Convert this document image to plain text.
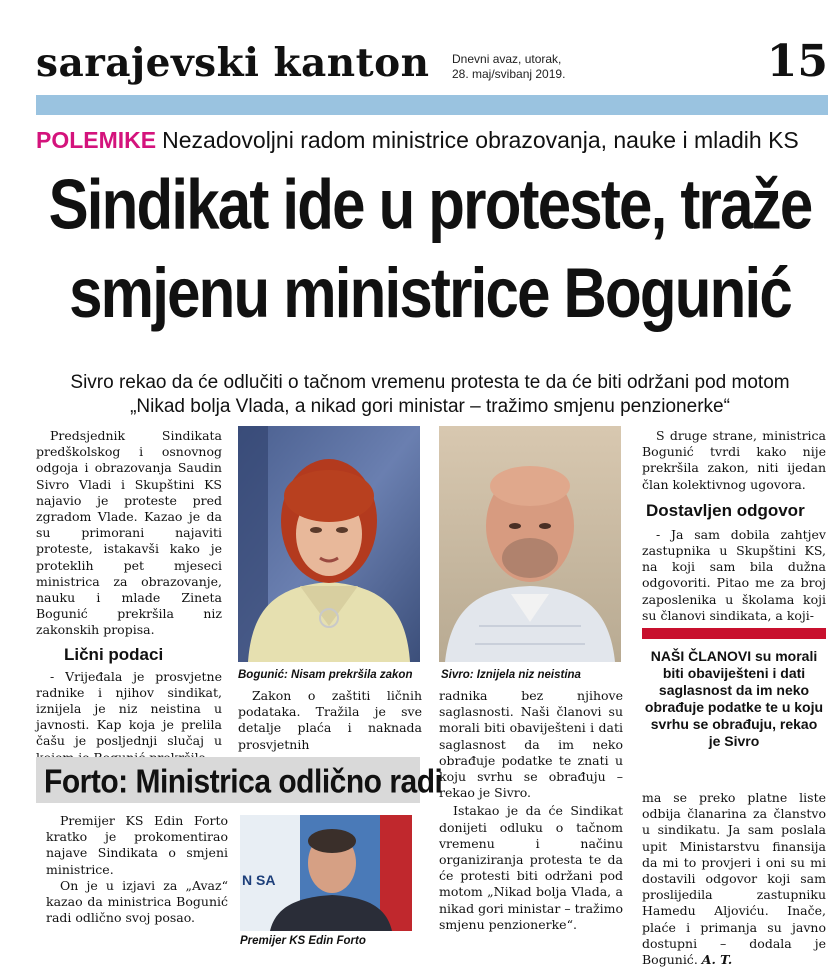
sarajevski kanton Dnevni avaz, utorak,
28. maj/svibanj 2019.	15
POLEMIKE Nezadovoljni radom ministrice obrazovanja, nauke i mladih KS
Sindikat ide u proteste, traže
smjenu ministrice Bogunić
Sivro rekao da će odlučiti o tačnom vremenu protesta te da će biti održani pod motom
„Nikad bolja Vlada, a nikad gori ministar – tražimo smjenu penzionerke“

Predsjednik Sindikata predškolskog i osnovnog odgoja i obrazovanja Saudin Sivro Vladi i Skupštini KS najavio je proteste pred zgradom Vlade. Kazao je da su primorani najaviti proteste, istakavši kako je proteklih pet mjeseci ministrica za obrazovanje, nauku i mlade Zineta Bogunić prekršila niz zakonskih propisa.

Lični podaci

- Vrijeđala je prosvjetne radnike i njihov sindikat, iznijela je niz neistina u javnosti. Kap koja je prelila čašu je posljednji slučaj u

Bogunić: Nisam prekršila zakon

Zakon o zaštiti ličnih podataka. Tražila je sve detalje plaća i naknada prosvjetnih

Sivro: Iznijela niz neistina

radnika bez njihove saglasnosti. Naši članovi su morali biti obaviješteni i dati saglasnost da im neko obrađuje podatke te znati u koju svrhu se obrađuju – rekao je Sivro.

Istakao je da će Sindikat donijeti odluku o tačnom vremenu i načinu organiziranja protesta te da će protesti biti održani pod motom „Nikad bolja Vlada, a nikad gori ministar – tražimo smjenu penzionerke“.

S druge strane, ministrica Bogunić tvrdi kako nije prekršila zakon, niti ijedan član kolektivnog ugovora.

Dostavljen odgovor

- Ja sam dobila zahtjev zastupnika u Skupštini KS, na koji sam bila dužna odgovoriti. Pitao me za broj zaposlenika u školama koji su članovi sindikata, a koji-

NAŠI ČLANOVI su morali biti obaviješteni i dati saglasnost da im neko obrađuje podatke te u koju svrhu se obrađuju, rekao je Sivro

ma se preko platne liste odbija članarina za članstvo u sindikatu. Ja sam poslala upit Ministarstvu finansija da mi to provjeri i oni su mi dostavili odgovor koji sam proslijedila zastupniku Hamedu Aljoviću. Inače, plaće i primanja su javno dostupni – dodala je Bogunić. A. T.

Forto: Ministrica odlično radi

Premijer KS Edin Forto kratko je prokomentirao najave Sindikata o smjeni ministrice.

On je u izjavi za „Avaz“ kazao da ministrica Bogunić radi odlično svoj posao.

N SA
Premijer KS Edin Forto
